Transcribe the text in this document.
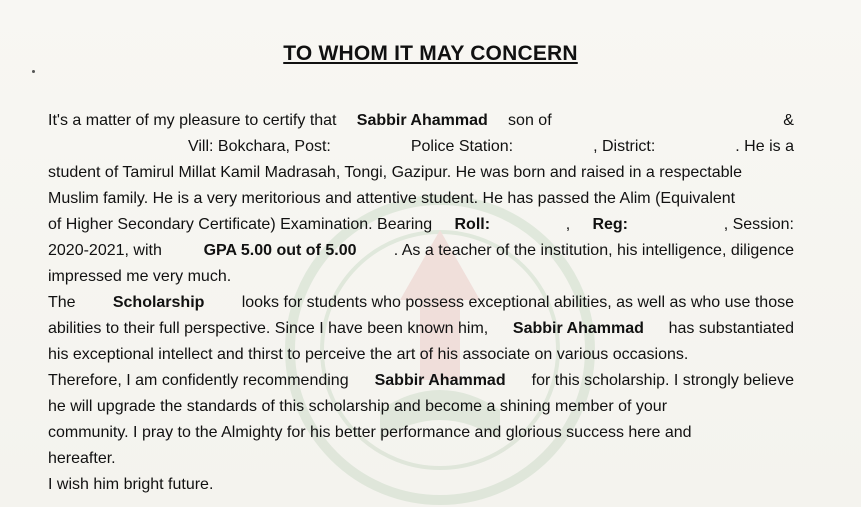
TO WHOM IT MAY CONCERN
It's a matter of my pleasure to certify that Sabbir Ahammad son of	&
Vill: Bokchara, Post:	Police Station:	, District:	. He is a
student of Tamirul Millat Kamil Madrasah, Tongi, Gazipur. He was born and raised in a respectable
Muslim family. He is a very meritorious and attentive student. He has passed the Alim (Equivalent
of Higher Secondary Certificate) Examination. Bearing Roll:	, Reg:	, Session:
2020-2021, with GPA 5.00 out of 5.00 . As a teacher of the institution, his intelligence, diligence
impressed me very much.
The Scholarship looks for students who possess exceptional abilities, as well as who use those
abilities to their full perspective. Since I have been known him, Sabbir Ahammad has substantiated
his exceptional intellect and thirst to perceive the art of his associate on various occasions.
Therefore, I am confidently recommending Sabbir Ahammad for this scholarship. I strongly believe
he will upgrade the standards of this scholarship and become a shining member of your
community. I pray to the Almighty for his better performance and glorious success here and
hereafter.
I wish him bright future.
